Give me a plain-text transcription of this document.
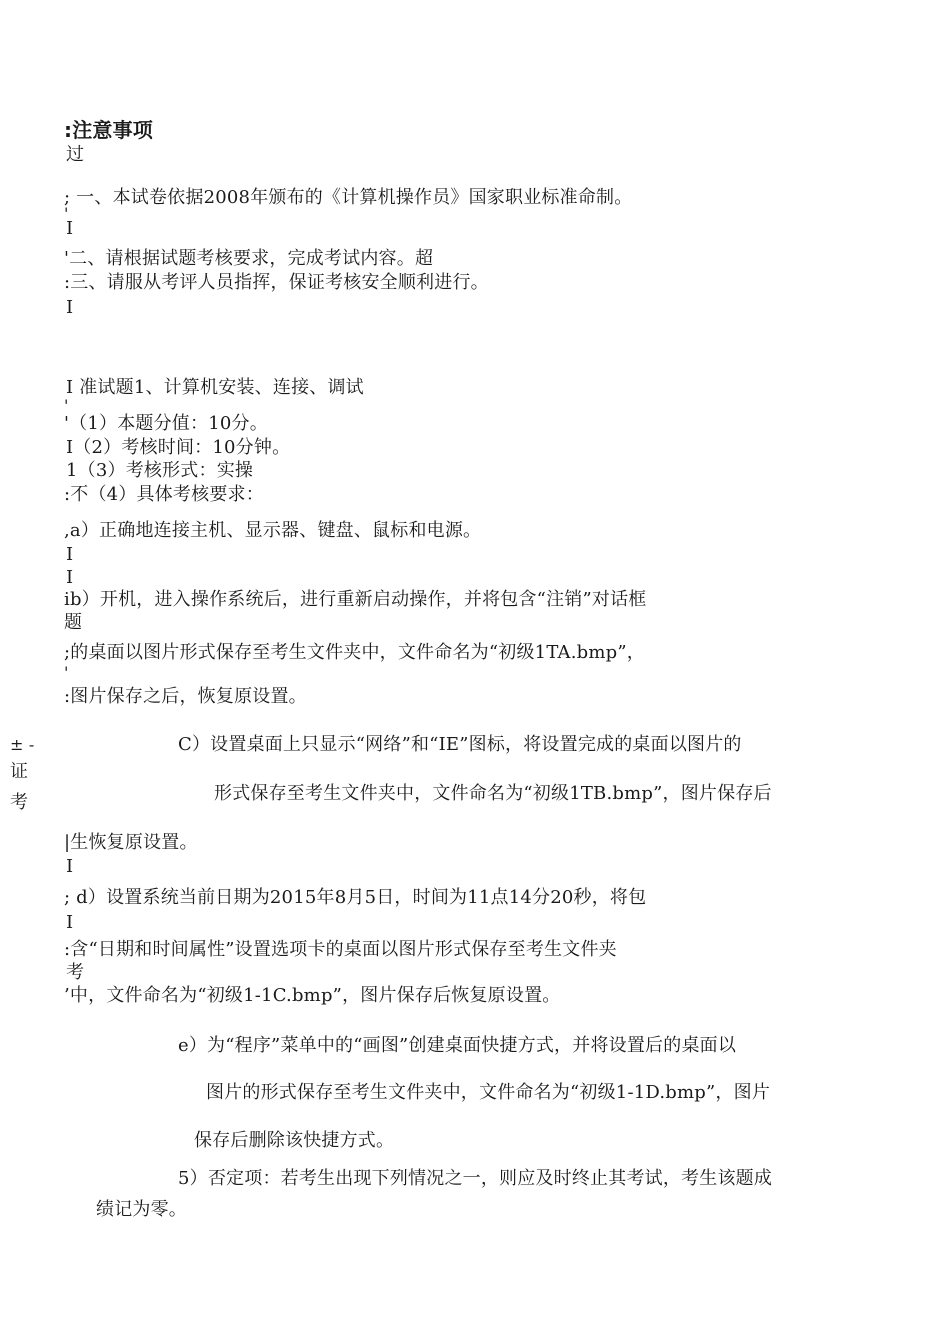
:注意事项
过
; 一、本试卷依据2008年颁布的《计算机操作员》国家职业标准命制。
'
I
'二、请根据试题考核要求，完成考试内容。超
:三、请服从考评人员指挥，保证考核安全顺利进行。
I
I 准试题1、计算机安装、连接、调试
'
'（1）本题分值：10分。
I（2）考核时间：10分钟。
1（3）考核形式：实操
:不（4）具体考核要求：
,a）正确地连接主机、显示器、键盘、鼠标和电源。
I
I
ib）开机，进入操作系统后，进行重新启动操作，并将包含“注销”对话框
题
;的桌面以图片形式保存至考生文件夹中，文件命名为“初级1TA.bmp”，
'
:图片保存之后，恢复原设置。
± -
证
考
C）设置桌面上只显示“网络”和“IE”图标，将设置完成的桌面以图片的
形式保存至考生文件夹中，文件命名为“初级1TB.bmp”，图片保存后
|生恢复原设置。
I
; d）设置系统当前日期为2015年8月5日，时间为11点14分20秒，将包
I
:含“日期和时间属性”设置选项卡的桌面以图片形式保存至考生文件夹
考
’中，文件命名为“初级1-1C.bmp”，图片保存后恢复原设置。
e）为“程序”菜单中的“画图”创建桌面快捷方式，并将设置后的桌面以
图片的形式保存至考生文件夹中，文件命名为“初级1-1D.bmp”，图片
保存后删除该快捷方式。
5）否定项：若考生出现下列情况之一，则应及时终止其考试，考生该题成
绩记为零。
